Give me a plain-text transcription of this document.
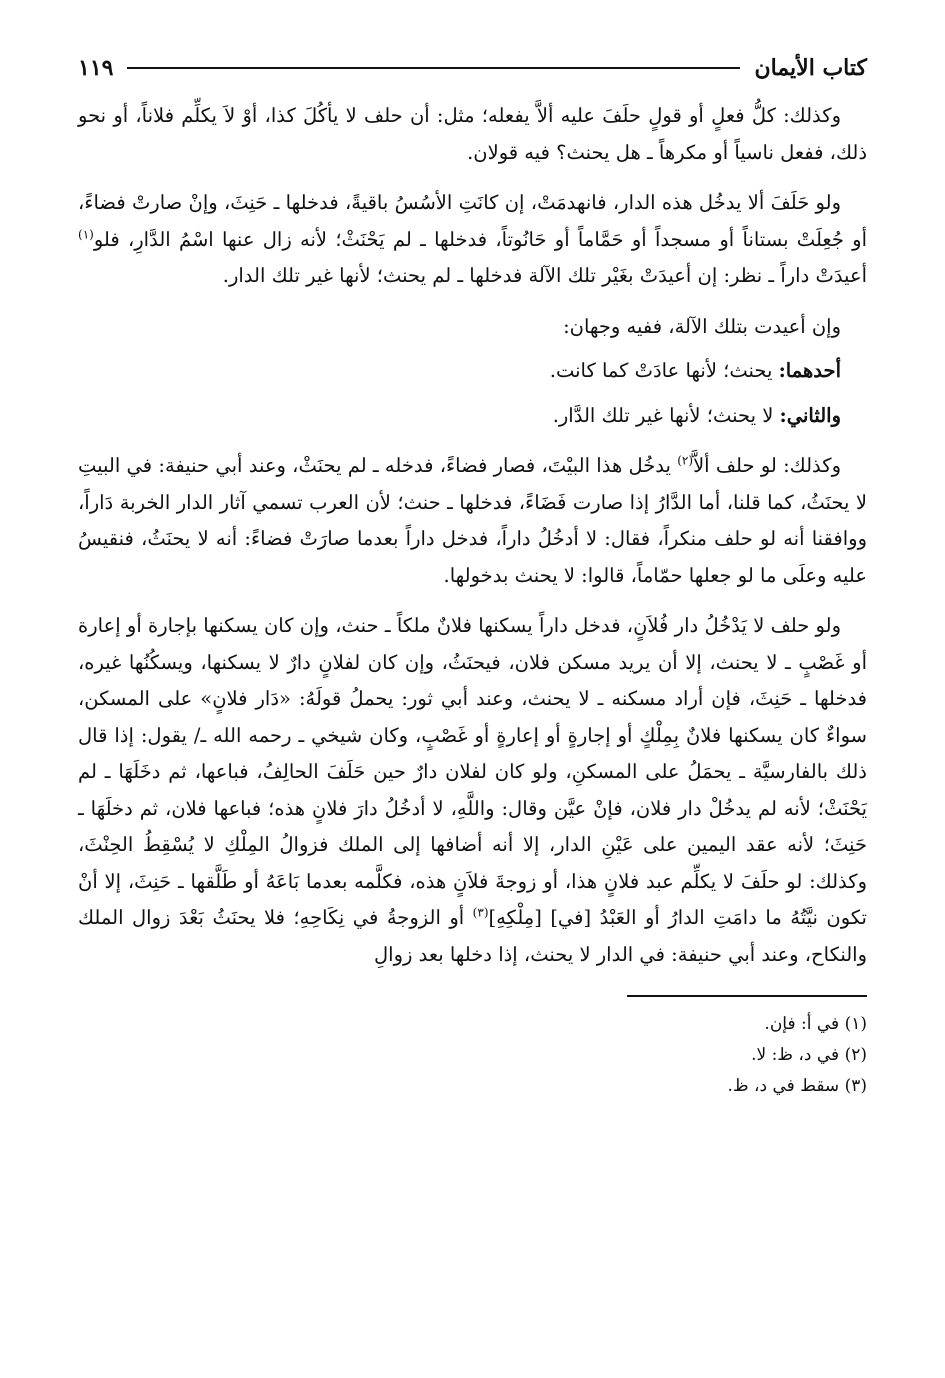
كتاب الأيمان
١١٩

وكذلك: كلُّ فعلٍ أو قولٍ حلَفَ عليه ألاَّ يفعله؛ مثل: أن حلف لا يأكُلَ كذا، أوْ لاَ يكلِّم فلاناً، أو نحو ذلك، ففعل ناسياً أو مكرهاً ـ هل يحنث؟ فيه قولان.

ولو حَلَفَ ألا يدخُل هذه الدار، فانهدمَتْ، إن كانَتِ الأسُسُ باقيةً، فدخلها ـ حَنِثَ، وإنْ صارتْ فضاءً، أو جُعِلَتْ بستاناً أو مسجداً أو حَمَّاماً أو حَانُوتاً، فدخلها ـ لم يَحْنَثْ؛ لأنه زال عنها اسْمُ الدَّارِ، فلو$^{(١)}$ أعيدَتْ داراً ـ نظر: إن أعيدَتْ بغَيْر تلك الآلة فدخلها ـ لم يحنث؛ لأنها غير تلك الدار.

وإن أعيدت بتلك الآلة، ففيه وجهان:

أحدهما: يحنث؛ لأنها عادَتْ كما كانت.

والثاني: لا يحنث؛ لأنها غير تلك الدَّار.

وكذلك: لو حلف ألاَّ$^{(٢)}$ يدخُل هذا البيْتَ، فصار فضاءً، فدخله ـ لم يحنَثْ، وعند أبي حنيفة: في البيتِ لا يحنَثُ، كما قلنا، أما الدَّارُ إذا صارت فَضَاءً، فدخلها ـ حنث؛ لأن العرب تسمي آثار الدار الخربة دَاراً، ووافقنا أنه لو حلف منكراً، فقال: لا أدخُلُ داراً، فدخل داراً بعدما صارَتْ فضاءً: أنه لا يحنَثُ، فنقيسُ عليه وعلَى ما لو جعلها حمّاماً، قالوا: لا يحنث بدخولها.

ولو حلف لا يَدْخُلُ دار فُلاَنٍ، فدخل داراً يسكنها فلانٌ ملكاً ـ حنث، وإن كان يسكنها بإجارة أو إعارة أو غَصْبٍ ـ لا يحنث، إلا أن يريد مسكن فلان، فيحنَثُ، وإن كان لفلانٍ دارٌ لا يسكنها، ويسكُنُها غيره، فدخلها ـ حَنِثَ، فإن أراد مسكنه ـ لا يحنث، وعند أبي ثور: يحملُ قولَهُ: «دَار فلانٍ» على المسكن، سواءٌ كان يسكنها فلانٌ بِمِلْكٍ أو إجارةٍ أو إعارةٍ أو غَصْبٍ، وكان شيخي ـ رحمه الله ـ/ يقول: إذا قال ذلك بالفارسيَّة ـ يحمَلُ على المسكنِ، ولو كان لفلان دارٌ حين حَلَفَ الحالِفُ، فباعها، ثم دخَلَهَا ـ لم يَحْنَثْ؛ لأنه لم يدخُلْ دار فلان، فإنْ عيَّن وقال: واللَّهِ، لا أدخُلُ دارَ فلانٍ هذه؛ فباعها فلان، ثم دخلَهَا ـ حَنِثَ؛ لأنه عقد اليمين على عَيْنِ الدار، إلا أنه أضافها إلى الملك فزوالُ المِلْكِ لا يُسْقِطُ الحِنْثَ، وكذلك: لو حلَفَ لا يكلِّم عبد فلانٍ هذا، أو زوجةَ فلاَنٍ هذه، فكلَّمه بعدما بَاعَهُ أو طَلَّقها ـ حَنِثَ، إلا أنْ تكون نيَّتُهُ ما دامَتِ الدارُ أو العَبْدُ [في] [مِلْكِهِ]$^{(٣)}$ أو الزوجةُ في نِكَاحِهِ؛ فلا يحنَثُ بَعْدَ زوال الملك والنكاح، وعند أبي حنيفة: في الدار لا يحنث، إذا دخلها بعد زوالِ

(١) في أ: فإن.
(٢) في د، ظ: لا.
(٣) سقط في د، ظ.
